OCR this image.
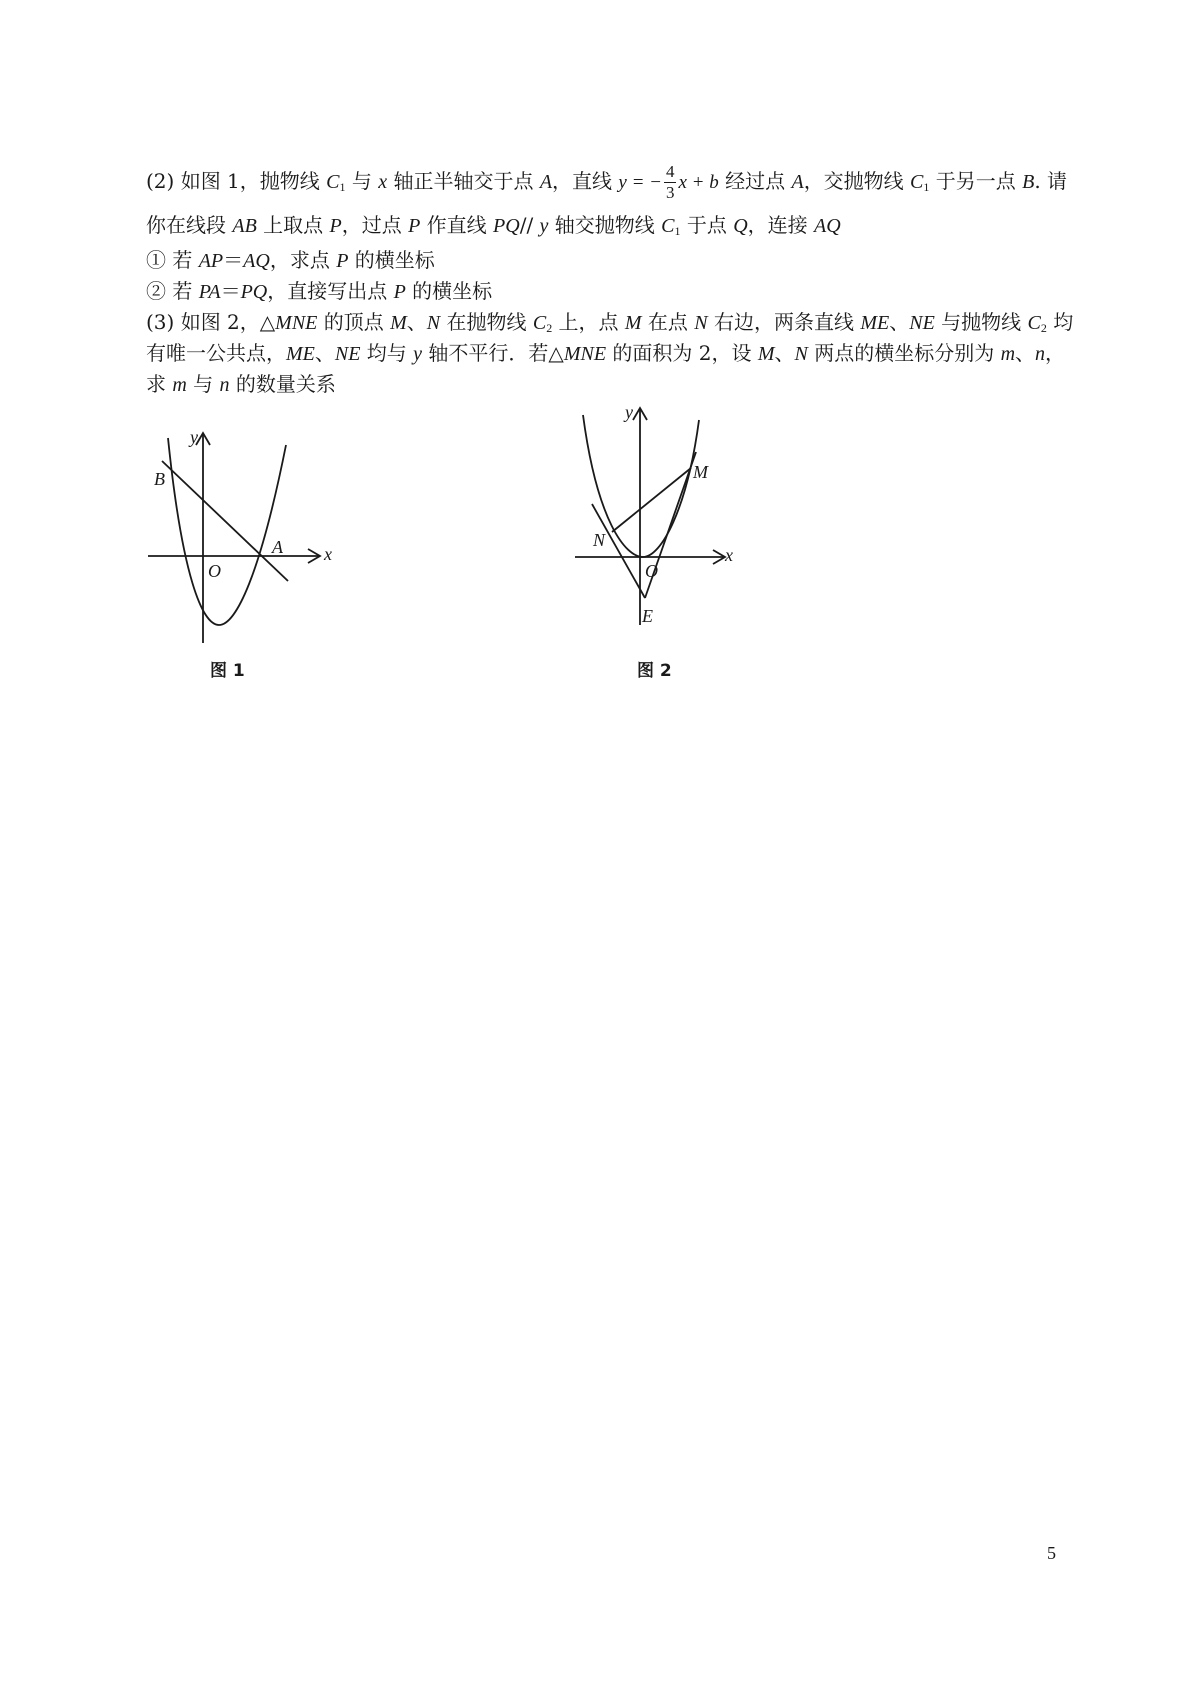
(2) 如图 1，抛物线 $C_1$ 与 x 轴正半轴交于点 A，直线 y = − $\frac{4}{3}$ x + b 经过点 A，交抛物线 $C_1$ 于另一点 B. 请
你在线段 AB 上取点 P，过点 P 作直线 PQ// y 轴交抛物线 $C_1$ 于点 Q，连接 AQ
① 若 AP＝AQ，求点 P 的横坐标
② 若 PA＝PQ，直接写出点 P 的横坐标
(3) 如图 2，△MNE 的顶点 M、N 在抛物线 $C_2$ 上，点 M 在点 N 右边，两条直线 ME、NE 与抛物线 $C_2$ 均
有唯一公共点，ME、NE 均与 y 轴不平行．若△MNE 的面积为 2，设 M、N 两点的横坐标分别为 m、n，
求 m 与 n 的数量关系
y
x
B
A
O
图 1
y
x
M
N
O
E
图 2
5
